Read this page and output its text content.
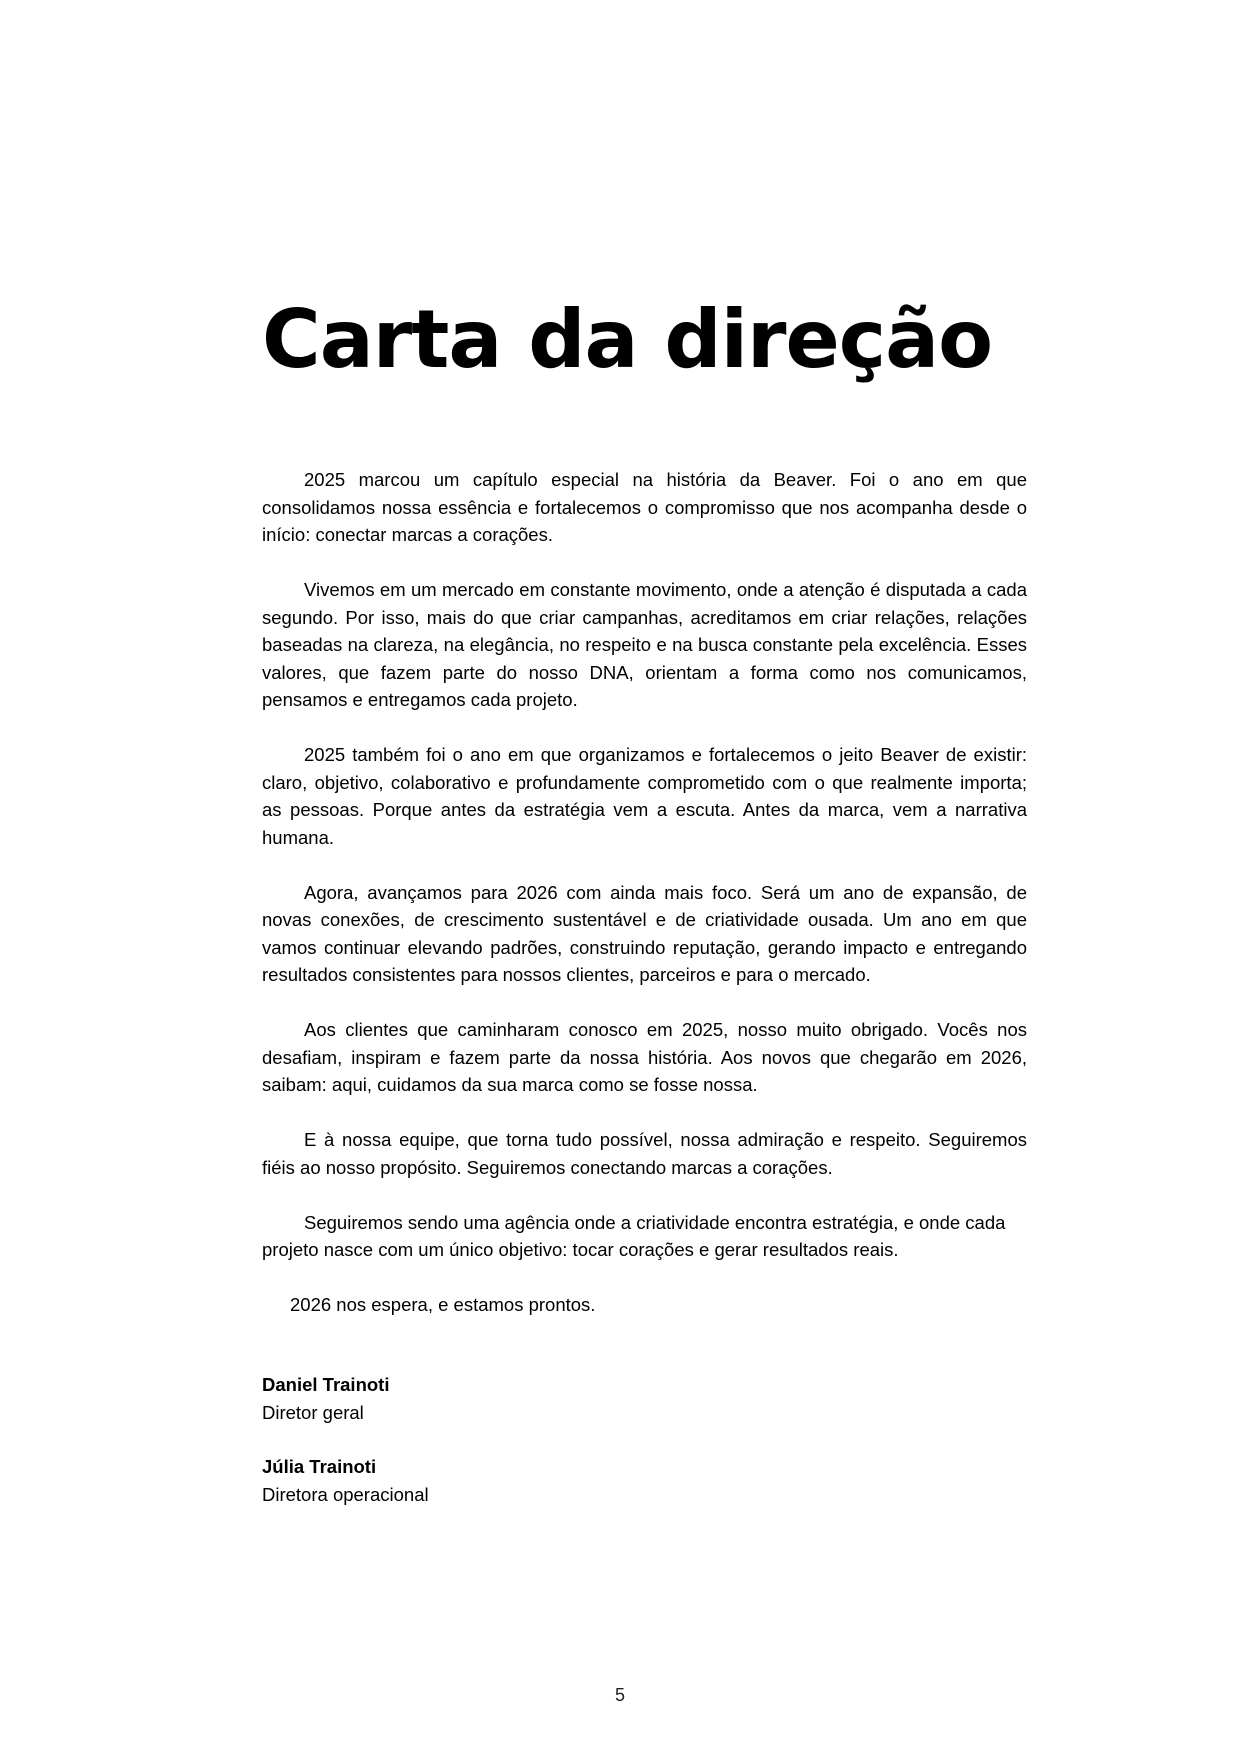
Carta da direção

2025 marcou um capítulo especial na história da Beaver. Foi o ano em que consolidamos nossa essência e fortalecemos o compromisso que nos acompanha desde o início: conectar marcas a corações.

Vivemos em um mercado em constante movimento, onde a atenção é disputada a cada segundo. Por isso, mais do que criar campanhas, acreditamos em criar relações, relações baseadas na clareza, na elegância, no respeito e na busca constante pela excelência. Esses valores, que fazem parte do nosso DNA, orientam a forma como nos comunicamos, pensamos e entregamos cada projeto.

2025 também foi o ano em que organizamos e fortalecemos o jeito Beaver de existir: claro, objetivo, colaborativo e profundamente comprometido com o que realmente importa; as pessoas. Porque antes da estratégia vem a escuta. Antes da marca, vem a narrativa humana.

Agora, avançamos para 2026 com ainda mais foco. Será um ano de expansão, de novas conexões, de crescimento sustentável e de criatividade ousada. Um ano em que vamos continuar elevando padrões, construindo reputação, gerando impacto e entregando resultados consistentes para nossos clientes, parceiros e para o mercado.

Aos clientes que caminharam conosco em 2025, nosso muito obrigado. Vocês nos desafiam, inspiram e fazem parte da nossa história. Aos novos que chegarão em 2026, saibam: aqui, cuidamos da sua marca como se fosse nossa.

E à nossa equipe, que torna tudo possível, nossa admiração e respeito. Seguiremos fiéis ao nosso propósito. Seguiremos conectando marcas a corações.

Seguiremos sendo uma agência onde a criatividade encontra estratégia, e onde cada projeto nasce com um único objetivo: tocar corações e gerar resultados reais.

2026 nos espera, e estamos prontos.

Daniel Trainoti
Diretor geral
Júlia Trainoti
Diretora operacional
5
